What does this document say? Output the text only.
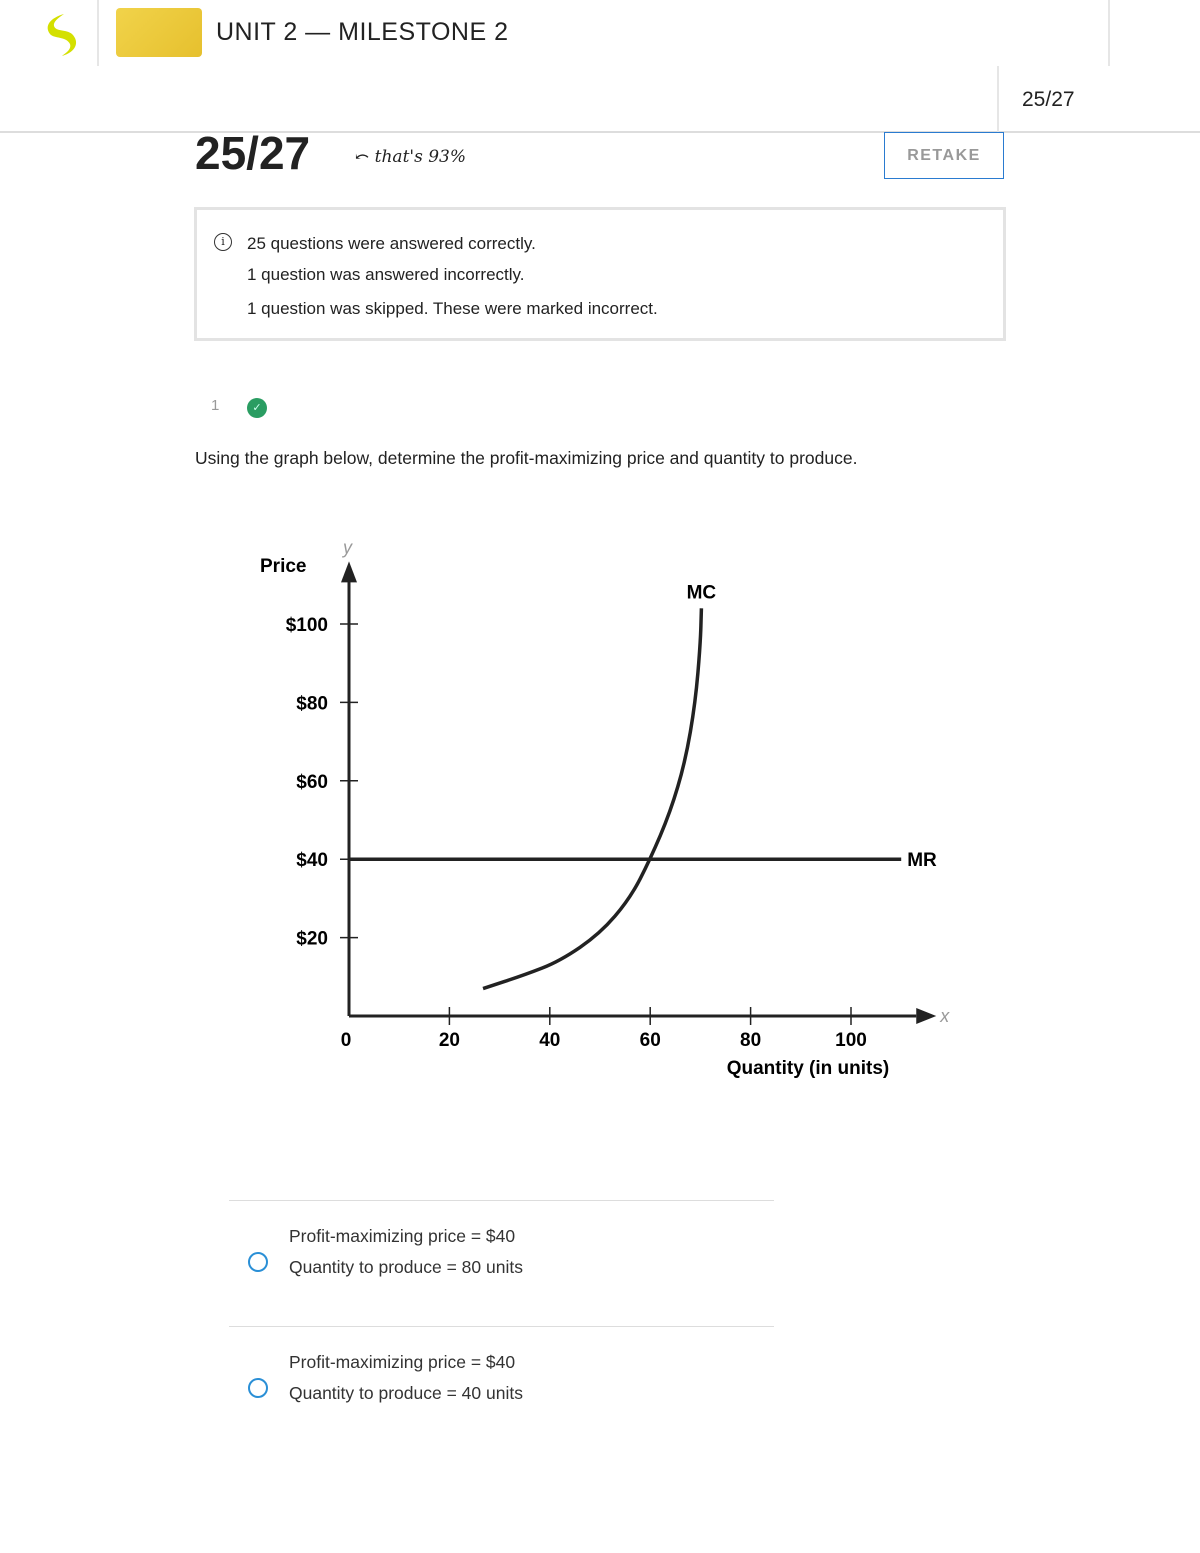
UNIT 2 — MILESTONE 2
25/27
25/27	⤺ that's 93%	RETAKE
i	25 questions were answered correctly.

1 question was answered incorrectly.

1 question was skipped. These were marked incorrect.

1	✓
Using the graph below, determine the profit-maximizing price and quantity to produce.
y
x
Price
Quantity (in units)
$20
$40
$60
$80
$100
0	20	40	60	80	100
MC
MR
Profit-maximizing price = $40
Quantity to produce = 80 units
Profit-maximizing price = $40
Quantity to produce = 40 units
